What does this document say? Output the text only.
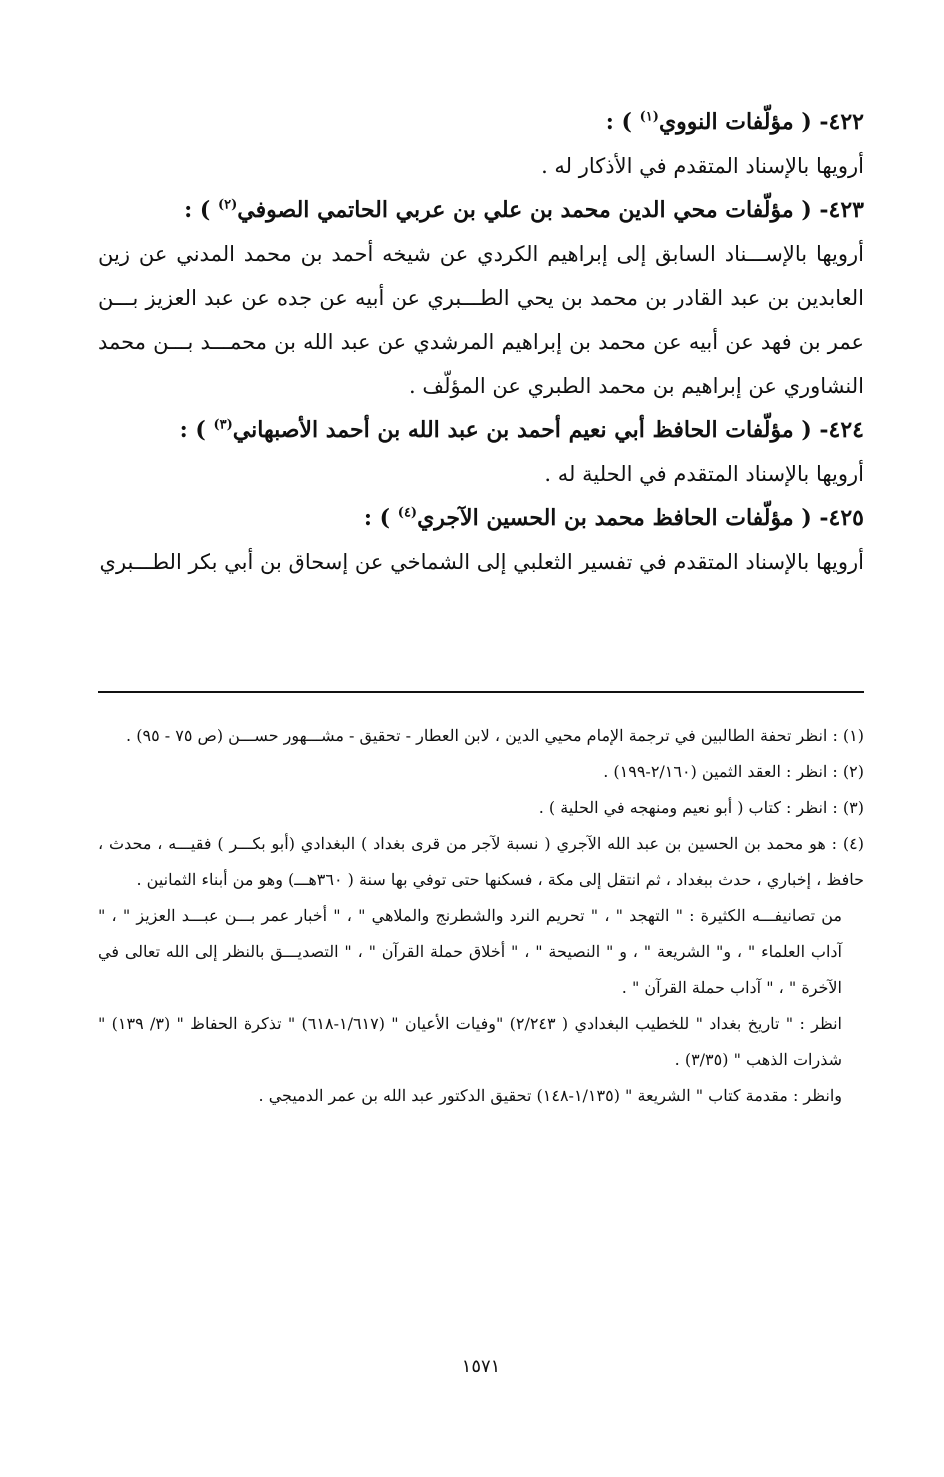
٤٢٢- ( مؤلّفات النووي$^{(١)}$ ) :
أرويها بالإسناد المتقدم في الأذكار له .
٤٢٣- ( مؤلّفات محي الدين محمد بن علي بن عربي الحاتمي الصوفي$^{(٢)}$ ) :
أرويها بالإســـناد السابق إلى إبراهيم الكردي عن شيخه أحمد بن محمد المدني عن زين العابدين بن عبد القادر بن محمد بن يحي الطـــبري عن أبيه عن جده عن عبد العزيز بـــن عمر بن فهد عن أبيه عن محمد بن إبراهيم المرشدي عن عبد الله بن محمـــد بـــن محمد النشاوري عن إبراهيم بن محمد الطبري عن المؤلّف .
٤٢٤- ( مؤلّفات الحافظ أبي نعيم أحمد بن عبد الله بن أحمد الأصبهاني$^{(٣)}$ ) :
أرويها بالإسناد المتقدم في الحلية له .
٤٢٥- ( مؤلّفات الحافظ محمد بن الحسين الآجري$^{(٤)}$ ) :
أرويها بالإسناد المتقدم في تفسير الثعلبي إلى الشماخي عن إسحاق بن أبي بكر الطـــبري
(١) : انظر تحفة الطالبين في ترجمة الإمام محيي الدين ، لابن العطار - تحقيق - مشـــهور حســـن (ص ٧٥ - ٩٥) .
(٢) : انظر : العقد الثمين (٢/١٦٠-١٩٩) .
(٣) : انظر : كتاب ( أبو نعيم ومنهجه في الحلية ) .
(٤) : هو محمد بن الحسين بن عبد الله الآجري ( نسبة لآجر من قرى بغداد ) البغدادي (أبو بكـــر ) فقيـــه ، محدث ، حافظ ، إخباري ، حدث ببغداد ، ثم انتقل إلى مكة ، فسكنها حتى توفي بها سنة ( ٣٦٠هـــ) وهو من أبناء الثمانين .
من تصانيفـــه الكثيرة : " التهجد " ، " تحريم النرد والشطرنج والملاهي " ، " أخبار عمر بـــن عبـــد العزيز " ، " آداب العلماء " ، و" الشريعة " ، و " النصيحة " ، " أخلاق حملة القرآن " ، " التصديـــق بالنظر إلى الله تعالى في الآخرة " ، " آداب حملة القرآن " .
انظر : " تاريخ بغداد " للخطيب البغدادي ( ٢/٢٤٣) "وفيات الأعيان " (١/٦١٧-٦١٨) " تذكرة الحفاظ " (٣/ ١٣٩) " شذرات الذهب " (٣/٣٥) .
وانظر : مقدمة كتاب " الشريعة " (١/١٣٥-١٤٨) تحقيق الدكتور عبد الله بن عمر الدميجي .
١٥٧١
